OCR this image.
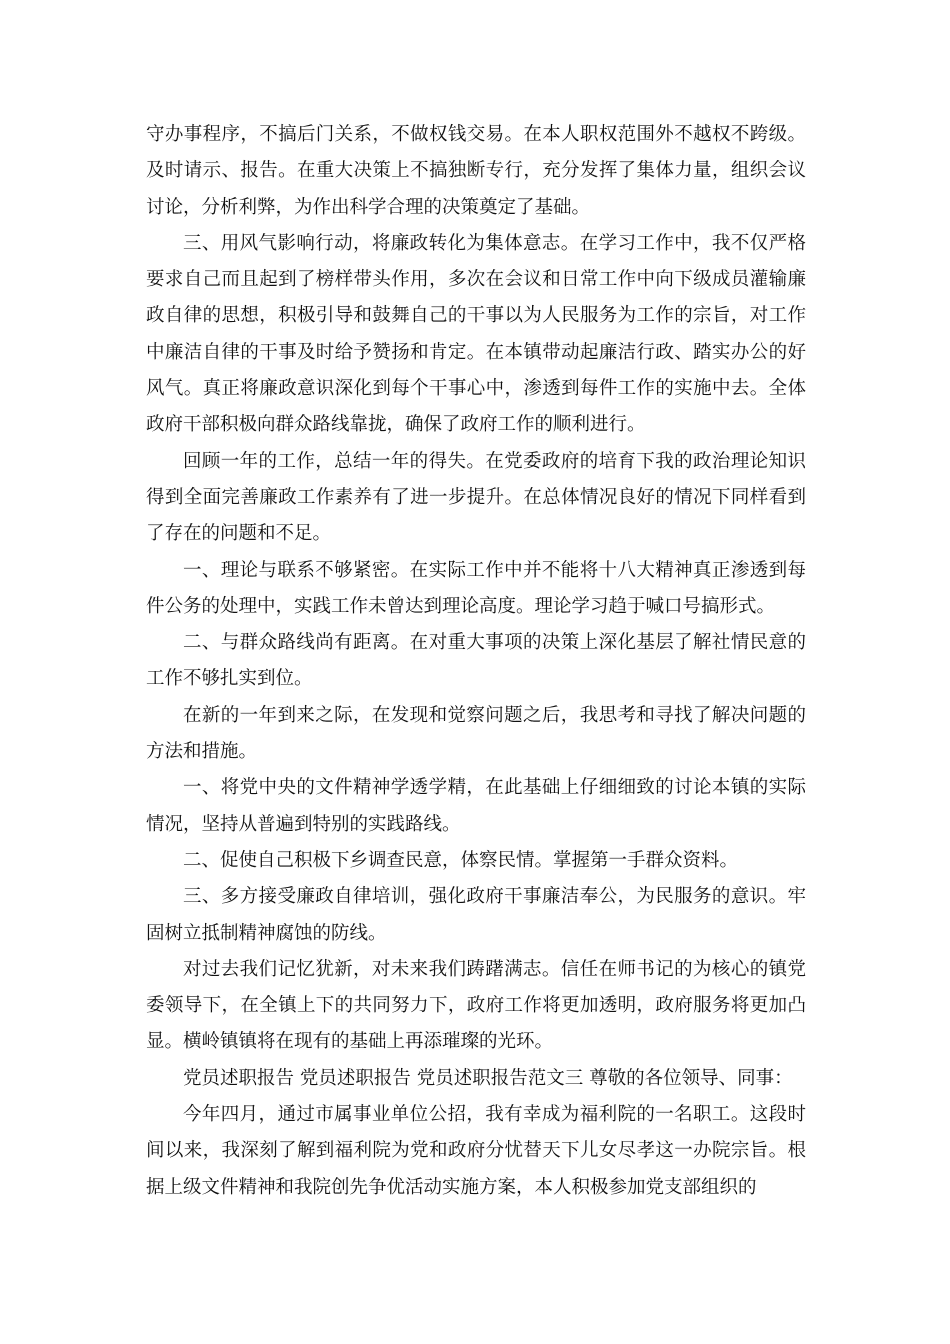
守办事程序，不搞后门关系，不做权钱交易。在本人职权范围外不越权不跨级。及时请示、报告。在重大决策上不搞独断专行，充分发挥了集体力量，组织会议讨论，分析利弊，为作出科学合理的决策奠定了基础。

三、用风气影响行动，将廉政转化为集体意志。在学习工作中，我不仅严格要求自己而且起到了榜样带头作用，多次在会议和日常工作中向下级成员灌输廉政自律的思想，积极引导和鼓舞自己的干事以为人民服务为工作的宗旨，对工作中廉洁自律的干事及时给予赞扬和肯定。在本镇带动起廉洁行政、踏实办公的好风气。真正将廉政意识深化到每个干事心中，渗透到每件工作的实施中去。全体政府干部积极向群众路线靠拢，确保了政府工作的顺利进行。

回顾一年的工作，总结一年的得失。在党委政府的培育下我的政治理论知识得到全面完善廉政工作素养有了进一步提升。在总体情况良好的情况下同样看到了存在的问题和不足。

一、理论与联系不够紧密。在实际工作中并不能将十八大精神真正渗透到每件公务的处理中，实践工作未曾达到理论高度。理论学习趋于喊口号搞形式。

二、与群众路线尚有距离。在对重大事项的决策上深化基层了解社情民意的工作不够扎实到位。

在新的一年到来之际，在发现和觉察问题之后，我思考和寻找了解决问题的方法和措施。

一、将党中央的文件精神学透学精，在此基础上仔细细致的讨论本镇的实际情况，坚持从普遍到特别的实践路线。

二、促使自己积极下乡调查民意，体察民情。掌握第一手群众资料。

三、多方接受廉政自律培训，强化政府干事廉洁奉公，为民服务的意识。牢固树立抵制精神腐蚀的防线。

对过去我们记忆犹新，对未来我们踌躇满志。信任在师书记的为核心的镇党委领导下，在全镇上下的共同努力下，政府工作将更加透明，政府服务将更加凸显。横岭镇镇将在现有的基础上再添璀璨的光环。

党员述职报告 党员述职报告 党员述职报告范文三 尊敬的各位领导、同事：

今年四月，通过市属事业单位公招，我有幸成为福利院的一名职工。这段时间以来，我深刻了解到福利院为党和政府分忧替天下儿女尽孝这一办院宗旨。根据上级文件精神和我院创先争优活动实施方案，本人积极参加党支部组织的
